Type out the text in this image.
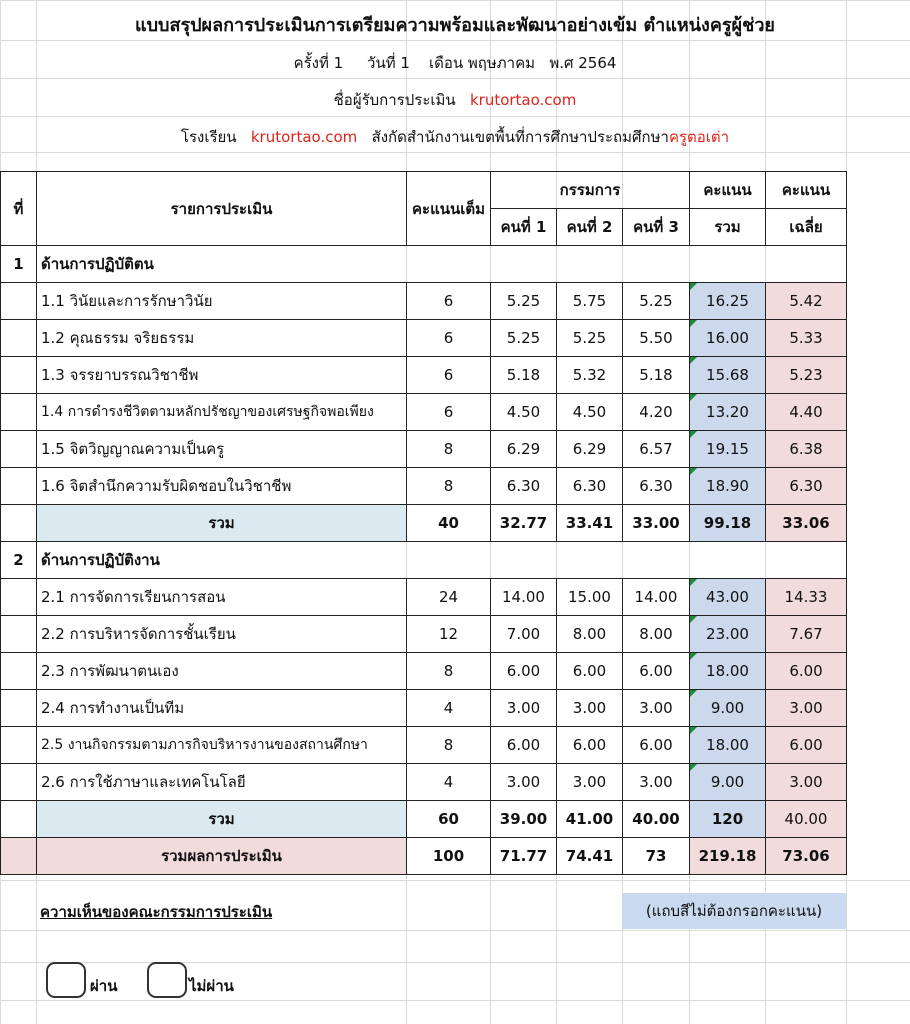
แบบสรุปผลการประเมินการเตรียมความพร้อมและพัฒนาอย่างเข้ม ตำแหน่งครูผู้ช่วย
ครั้งที่ 1 วันที่ 1 เดือน พฤษภาคม พ.ศ 2564
ชื่อผู้รับการประเมิน krutortao.com
โรงเรียน krutortao.com สังกัดสำนักงานเขตพื้นที่การศึกษาประถมศึกษาครูตอเต่า
ที่	รายการประเมิน	คะแนนเต็ม	กรรมการ			คะแนน	คะแนน
			คนที่ 1	คนที่ 2	คนที่ 3	รวม	เฉลี่ย
1	ด้านการปฏิบัติตน						
	1.1 วินัยและการรักษาวินัย	6	5.25	5.75	5.25	16.25	5.42
	1.2 คุณธรรม จริยธรรม	6	5.25	5.25	5.50	16.00	5.33
	1.3 จรรยาบรรณวิชาชีพ	6	5.18	5.32	5.18	15.68	5.23
	1.4 การดำรงชีวิตตามหลักปรัชญาของเศรษฐกิจพอเพียง	6	4.50	4.50	4.20	13.20	4.40
	1.5 จิตวิญญาณความเป็นครู	8	6.29	6.29	6.57	19.15	6.38
	1.6 จิตสำนึกความรับผิดชอบในวิชาชีพ	8	6.30	6.30	6.30	18.90	6.30
	รวม	40	32.77	33.41	33.00	99.18	33.06
2	ด้านการปฏิบัติงาน						
	2.1 การจัดการเรียนการสอน	24	14.00	15.00	14.00	43.00	14.33
	2.2 การบริหารจัดการชั้นเรียน	12	7.00	8.00	8.00	23.00	7.67
	2.3 การพัฒนาตนเอง	8	6.00	6.00	6.00	18.00	6.00
	2.4 การทำงานเป็นทีม	4	3.00	3.00	3.00	9.00	3.00
	2.5 งานกิจกรรมตามภารกิจบริหารงานของสถานศึกษา	8	6.00	6.00	6.00	18.00	6.00
	2.6 การใช้ภาษาและเทคโนโลยี	4	3.00	3.00	3.00	9.00	3.00
	รวม	60	39.00	41.00	40.00	120	40.00
	รวมผลการประเมิน	100	71.77	74.41	73	219.18	73.06
ความเห็นของคณะกรรมการประเมิน	(แถบสีไม่ต้องกรอกคะแนน)
ผ่าน	ไม่ผ่าน
